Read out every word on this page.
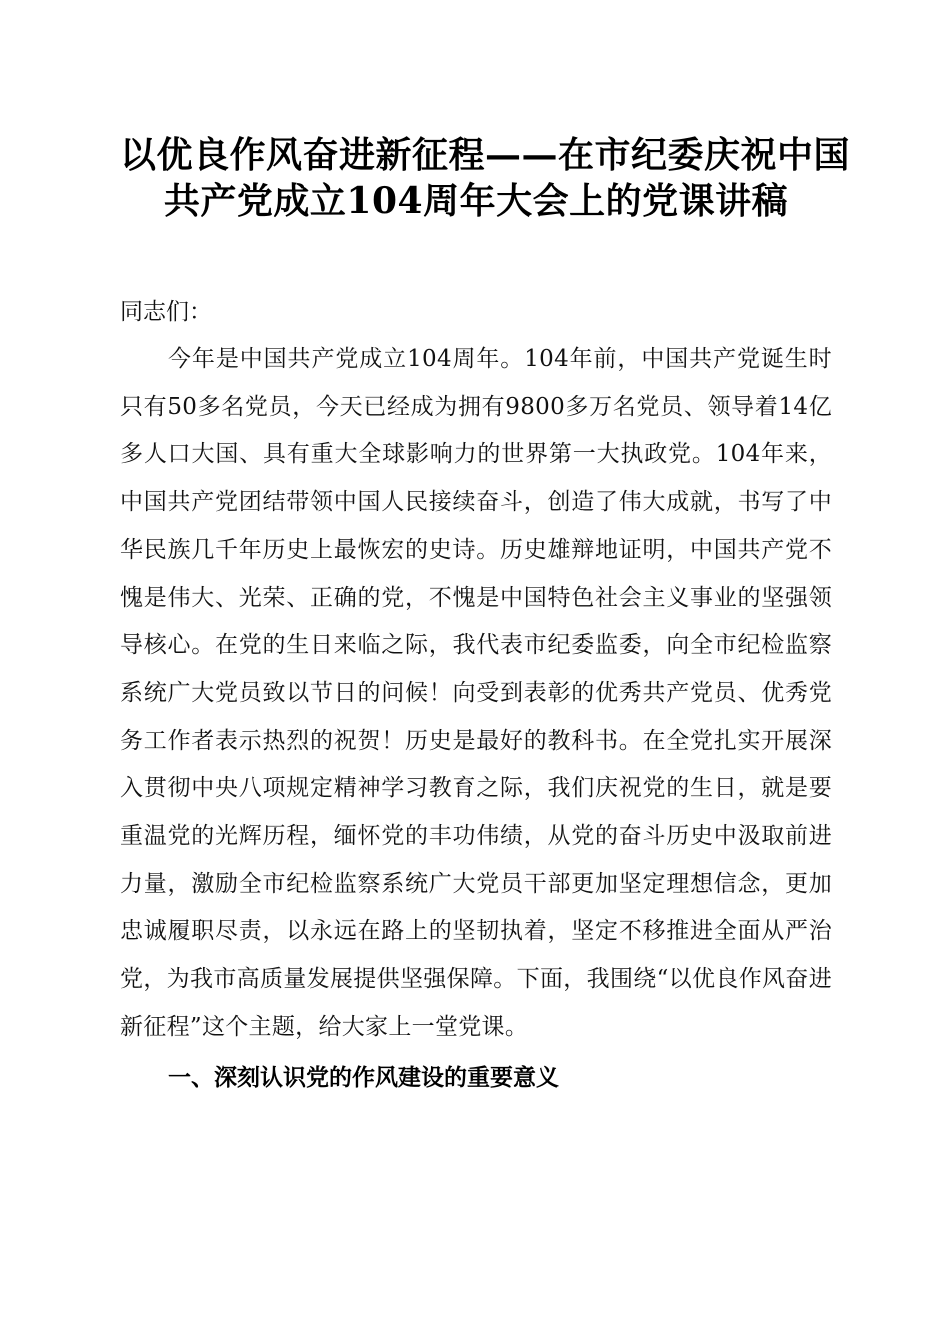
以优良作风奋进新征程——在市纪委庆祝中国
共产党成立104周年大会上的党课讲稿

同志们：

今年是中国共产党成立104周年。104年前，中国共产党诞生时只有50多名党员，今天已经成为拥有9800多万名党员、领导着14亿多人口大国、具有重大全球影响力的世界第一大执政党。104年来，中国共产党团结带领中国人民接续奋斗，创造了伟大成就，书写了中华民族几千年历史上最恢宏的史诗。历史雄辩地证明，中国共产党不愧是伟大、光荣、正确的党，不愧是中国特色社会主义事业的坚强领导核心。在党的生日来临之际，我代表市纪委监委，向全市纪检监察系统广大党员致以节日的问候！向受到表彰的优秀共产党员、优秀党务工作者表示热烈的祝贺！历史是最好的教科书。在全党扎实开展深入贯彻中央八项规定精神学习教育之际，我们庆祝党的生日，就是要重温党的光辉历程，缅怀党的丰功伟绩，从党的奋斗历史中汲取前进力量，激励全市纪检监察系统广大党员干部更加坚定理想信念，更加忠诚履职尽责，以永远在路上的坚韧执着，坚定不移推进全面从严治党，为我市高质量发展提供坚强保障。下面，我围绕“以优良作风奋进新征程”这个主题，给大家上一堂党课。

一、深刻认识党的作风建设的重要意义
